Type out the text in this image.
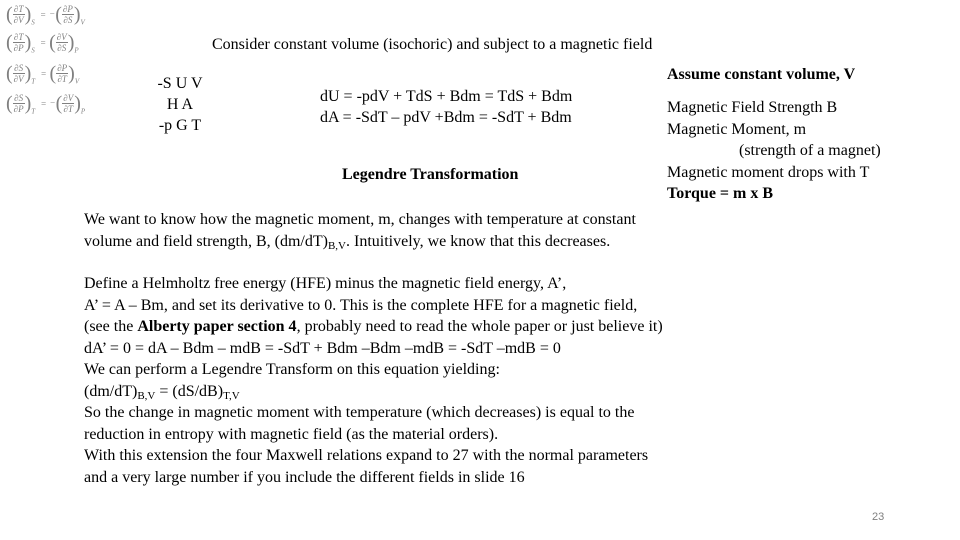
( $\frac{\partial T}{\partial V} )_S$ = −( $\frac{\partial P}{\partial S} )_V$
( $\frac{\partial T}{\partial P} )_S$ = ( $\frac{\partial V}{\partial S} )_P$
( $\frac{\partial S}{\partial V} )_T$ = ( $\frac{\partial P}{\partial T} )_V$
( $\frac{\partial S}{\partial P} )_T$ = −( $\frac{\partial V}{\partial T} )_P$
Consider constant volume (isochoric) and subject to a magnetic field
-S U V
H A
-p G T
dU = -pdV + TdS + Bdm = TdS + Bdm
dA = -SdT – pdV +Bdm = -SdT + Bdm
Legendre Transformation
Assume constant volume, V
Magnetic Field Strength B
Magnetic Moment, m
(strength of a magnet)
Magnetic moment drops with T
Torque = m x B
We want to know how the magnetic moment, m, changes with temperature at constant
volume and field strength, B, $(dm/dT)_{B,V}$. Intuitively, we know that this decreases.
Define a Helmholtz free energy (HFE) minus the magnetic field energy, A’,
A’ = A – Bm, and set its derivative to 0. This is the complete HFE for a magnetic field,
(see the Alberty paper section 4, probably need to read the whole paper or just believe it)
dA’ = 0 = dA – Bdm – mdB = -SdT + Bdm –Bdm –mdB = -SdT –mdB = 0
We can perform a Legendre Transform on this equation yielding:
$(dm/dT)_{B,V} = (dS/dB)_{T,V}$
So the change in magnetic moment with temperature (which decreases) is equal to the
reduction in entropy with magnetic field (as the material orders).
With this extension the four Maxwell relations expand to 27 with the normal parameters
and a very large number if you include the different fields in slide 16
23
